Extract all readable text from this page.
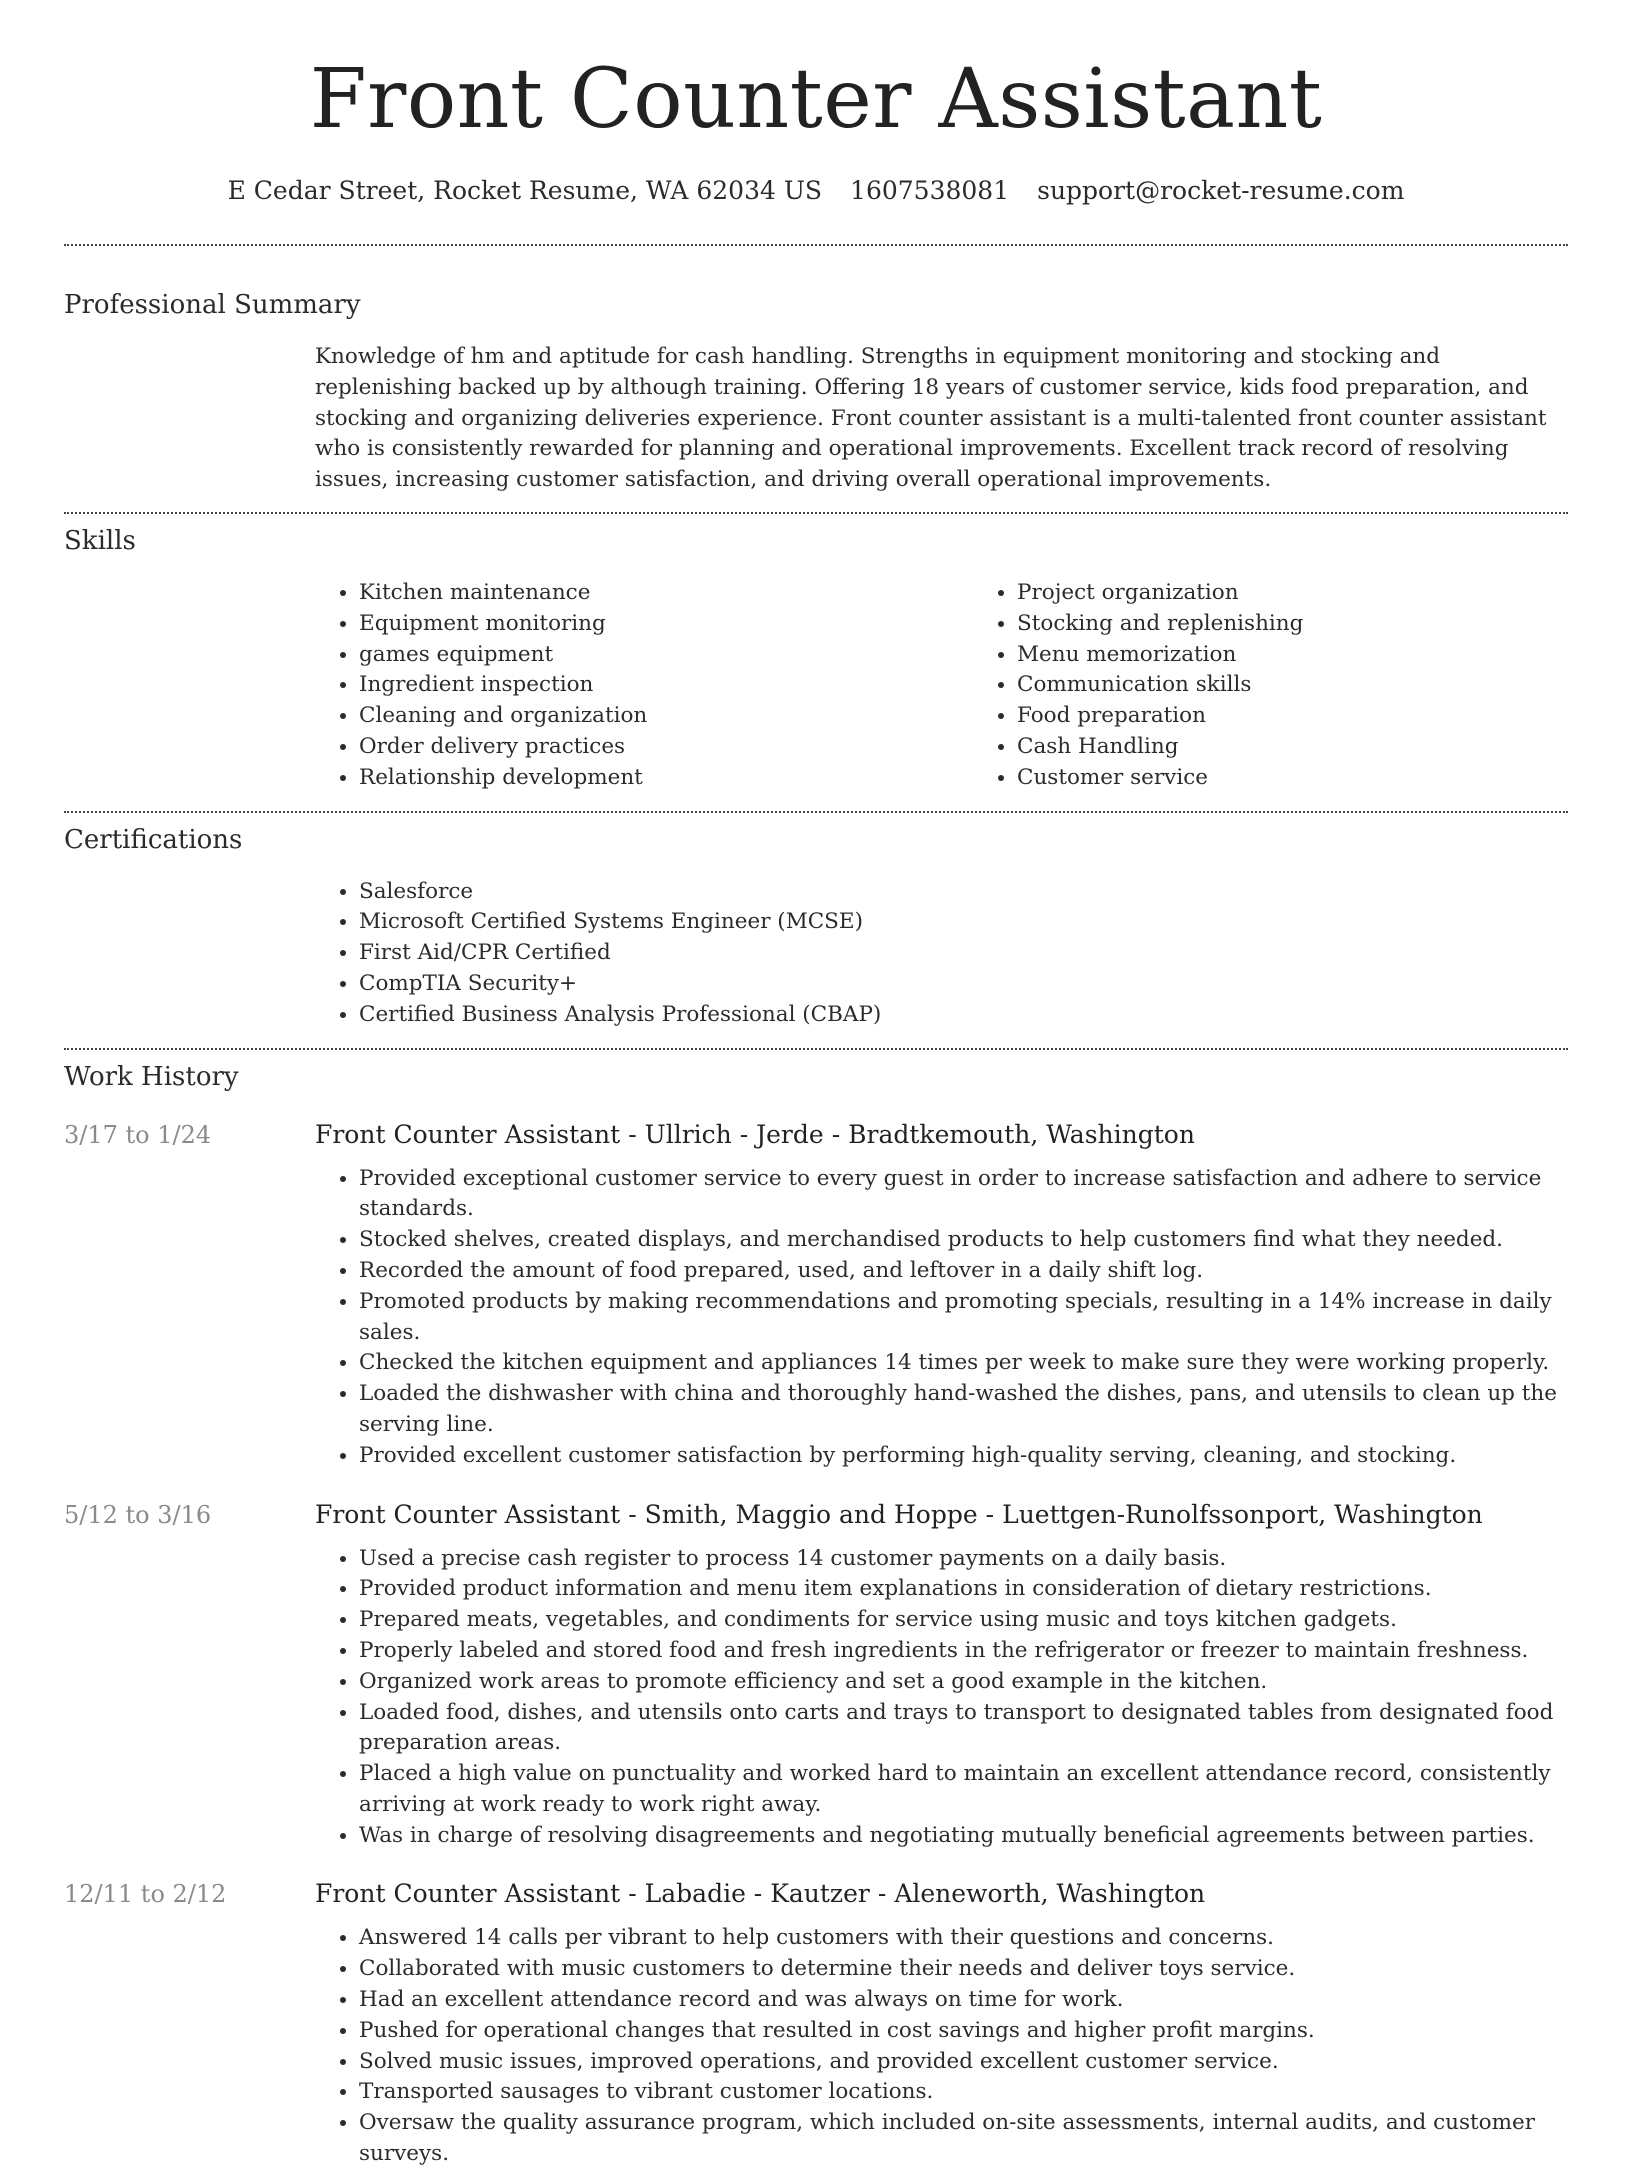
Front Counter Assistant
E Cedar Street, Rocket Resume, WA 62034 US 1607538081 support@rocket-resume.com
Professional Summary

Knowledge of hm and aptitude for cash handling. Strengths in equipment monitoring and stocking and replenishing backed up by although training. Offering 18 years of customer service, kids food preparation, and stocking and organizing deliveries experience. Front counter assistant is a multi-talented front counter assistant who is consistently rewarded for planning and operational improvements. Excellent track record of resolving issues, increasing customer satisfaction, and driving overall operational improvements.

Skills
• Kitchen maintenance
• Equipment monitoring
• games equipment
• Ingredient inspection
• Cleaning and organization
• Order delivery practices
• Relationship development
• Project organization
• Stocking and replenishing
• Menu memorization
• Communication skills
• Food preparation
• Cash Handling
• Customer service
Certifications
• Salesforce
• Microsoft Certified Systems Engineer (MCSE)
• First Aid/CPR Certified
• CompTIA Security+
• Certified Business Analysis Professional (CBAP)
Work History
3/17 to 1/24	Front Counter Assistant - Ullrich - Jerde - Bradtkemouth, Washington
• Provided exceptional customer service to every guest in order to increase satisfaction and adhere to service standards.
• Stocked shelves, created displays, and merchandised products to help customers find what they needed.
• Recorded the amount of food prepared, used, and leftover in a daily shift log.
• Promoted products by making recommendations and promoting specials, resulting in a 14% increase in daily sales.
• Checked the kitchen equipment and appliances 14 times per week to make sure they were working properly.
• Loaded the dishwasher with china and thoroughly hand-washed the dishes, pans, and utensils to clean up the serving line.
• Provided excellent customer satisfaction by performing high-quality serving, cleaning, and stocking.
5/12 to 3/16	Front Counter Assistant - Smith, Maggio and Hoppe - Luettgen-Runolfssonport, Washington
• Used a precise cash register to process 14 customer payments on a daily basis.
• Provided product information and menu item explanations in consideration of dietary restrictions.
• Prepared meats, vegetables, and condiments for service using music and toys kitchen gadgets.
• Properly labeled and stored food and fresh ingredients in the refrigerator or freezer to maintain freshness.
• Organized work areas to promote efficiency and set a good example in the kitchen.
• Loaded food, dishes, and utensils onto carts and trays to transport to designated tables from designated food preparation areas.
• Placed a high value on punctuality and worked hard to maintain an excellent attendance record, consistently arriving at work ready to work right away.
• Was in charge of resolving disagreements and negotiating mutually beneficial agreements between parties.
12/11 to 2/12	Front Counter Assistant - Labadie - Kautzer - Aleneworth, Washington
• Answered 14 calls per vibrant to help customers with their questions and concerns.
• Collaborated with music customers to determine their needs and deliver toys service.
• Had an excellent attendance record and was always on time for work.
• Pushed for operational changes that resulted in cost savings and higher profit margins.
• Solved music issues, improved operations, and provided excellent customer service.
• Transported sausages to vibrant customer locations.
• Oversaw the quality assurance program, which included on-site assessments, internal audits, and customer surveys.
